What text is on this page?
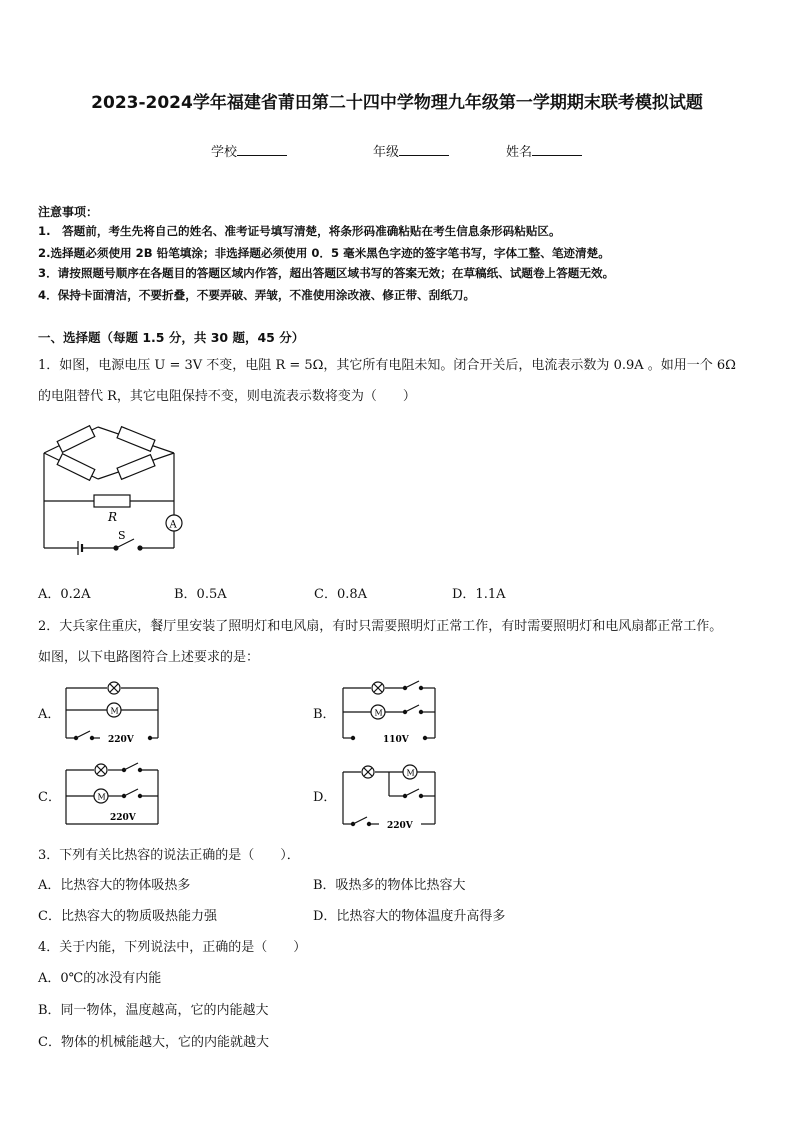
2023-2024学年福建省莆田第二十四中学物理九年级第一学期期末联考模拟试题
学校	年级	姓名
注意事项：
1.　答题前，考生先将自己的姓名、准考证号填写清楚，将条形码准确粘贴在考生信息条形码粘贴区。
2.选择题必须使用 2B 铅笔填涂；非选择题必须使用 0．5 毫米黑色字迹的签字笔书写，字体工整、笔迹清楚。
3．请按照题号顺序在各题目的答题区域内作答，超出答题区域书写的答案无效；在草稿纸、试题卷上答题无效。
4．保持卡面清洁，不要折叠，不要弄破、弄皱，不准使用涂改液、修正带、刮纸刀。
一、选择题（每题 1.5 分，共 30 题，45 分）
1．如图，电源电压 U = 3V 不变，电阻 R = 5Ω，其它所有电阻未知。闭合开关后，电流表示数为 0.9A 。如用一个 6Ω
的电阻替代 R，其它电阻保持不变，则电流表示数将变为（　　）
R
A
S
A．0.2A	B．0.5A	C．0.8A	D．1.1A
2．大兵家住重庆，餐厅里安装了照明灯和电风扇，有时只需要照明灯正常工作，有时需要照明灯和电风扇都正常工作。
如图，以下电路图符合上述要求的是：
A．	M
220V
B．	M
110V
C．	M
220V
D．
M
220V
3．下列有关比热容的说法正确的是（　　）．
A．比热容大的物体吸热多	B．吸热多的物体比热容大
C．比热容大的物质吸热能力强	D．比热容大的物体温度升高得多
4．关于内能，下列说法中，正确的是（　　）
A．0℃的冰没有内能
B．同一物体，温度越高，它的内能越大
C．物体的机械能越大，它的内能就越大
